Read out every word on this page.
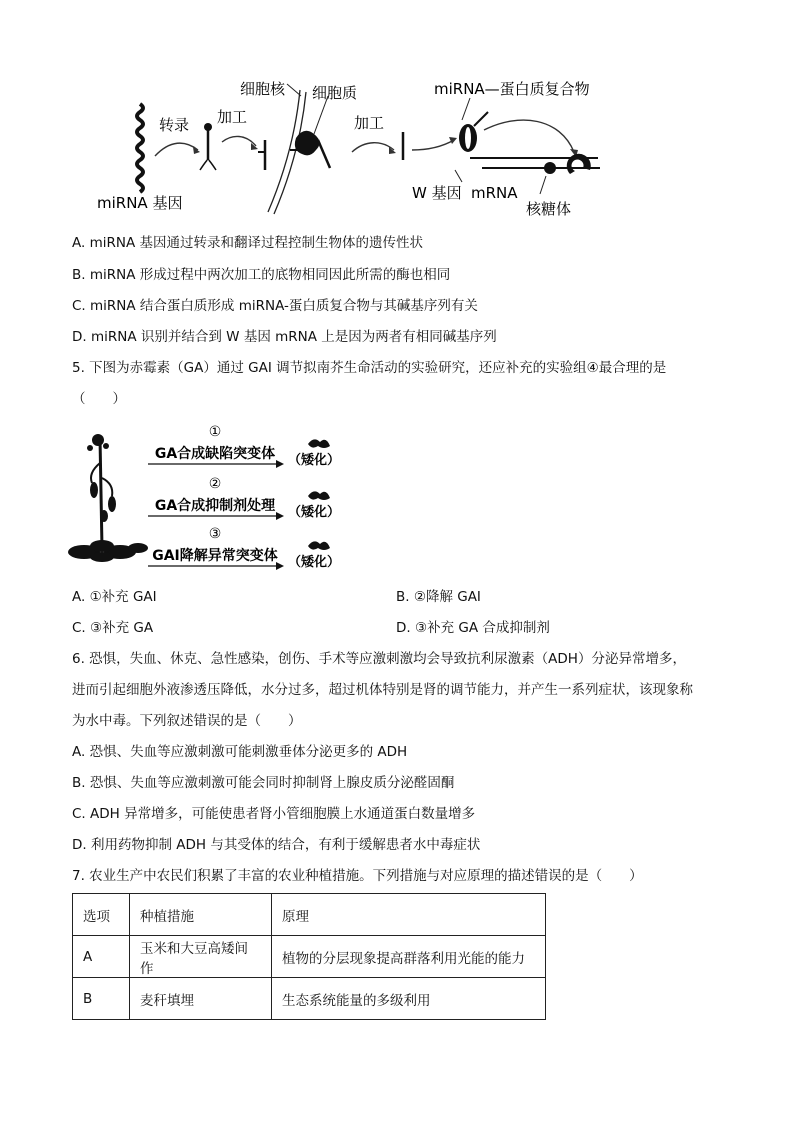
细胞核 细胞质	miRNA—蛋白质复合物
转录 加工	加工
miRNA 基因
W 基因 mRNA
核糖体
A. miRNA 基因通过转录和翻译过程控制生物体的遗传性状
B. miRNA 形成过程中两次加工的底物相同因此所需的酶也相同
C. miRNA 结合蛋白质形成 miRNA-蛋白质复合物与其碱基序列有关
D. miRNA 识别并结合到 W 基因 mRNA 上是因为两者有相同碱基序列
5. 下图为赤霉素（GA）通过 GAI 调节拟南芥生命活动的实验研究，还应补充的实验组④最合理的是
（　　）
①
GA合成缺陷突变体
②
GA合成抑制剂处理
③
GAI降解异常突变体
（矮化）
（矮化）
（矮化）
A. ①补充 GAI	B. ②降解 GAI
C. ③补充 GA	D. ③补充 GA 合成抑制剂
6. 恐惧，失血、休克、急性感染，创伤、手术等应激刺激均会导致抗利尿激素（ADH）分泌异常增多，
进而引起细胞外液渗透压降低，水分过多，超过机体特别是肾的调节能力，并产生一系列症状，该现象称
为水中毒。下列叙述错误的是（　　）
A. 恐惧、失血等应激刺激可能刺激垂体分泌更多的 ADH
B. 恐惧、失血等应激刺激可能会同时抑制肾上腺皮质分泌醛固酮
C. ADH 异常增多，可能使患者肾小管细胞膜上水通道蛋白数量增多
D. 利用药物抑制 ADH 与其受体的结合，有利于缓解患者水中毒症状
7. 农业生产中农民们积累了丰富的农业种植措施。下列措施与对应原理的描述错误的是（　　）
选项	种植措施	原理
A	玉米和大豆高矮间作	植物的分层现象提高群落利用光能的能力
B	麦秆填埋	生态系统能量的多级利用
